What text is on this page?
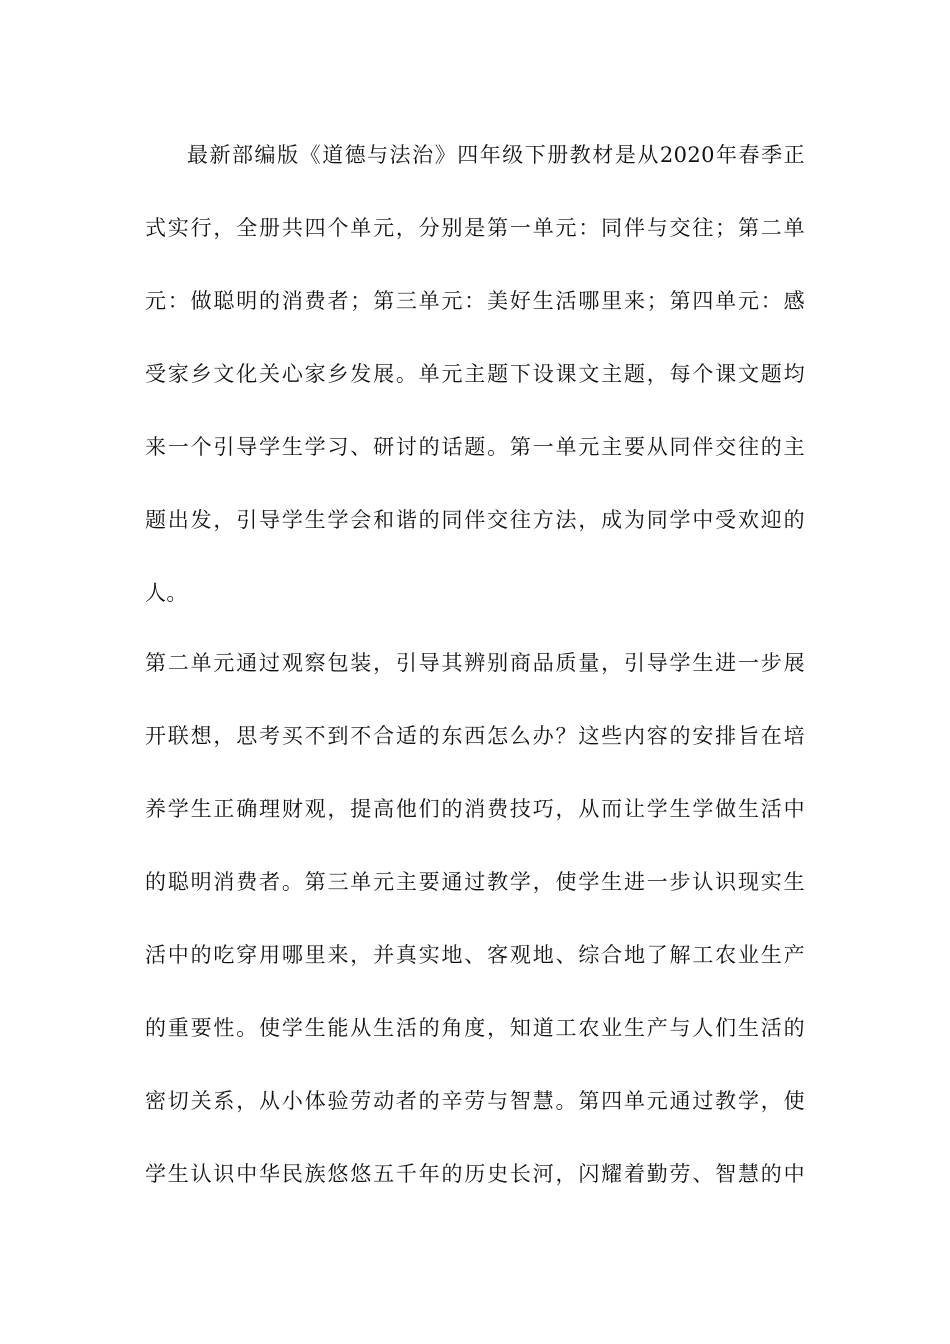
最新部编版《道德与法治》四年级下册教材是从2020年春季正
式实行，全册共四个单元，分别是第一单元：同伴与交往；第二单
元：做聪明的消费者；第三单元：美好生活哪里来；第四单元：感
受家乡文化关心家乡发展。单元主题下设课文主题，每个课文题均
来一个引导学生学习、研讨的话题。第一单元主要从同伴交往的主
题出发，引导学生学会和谐的同伴交往方法，成为同学中受欢迎的
人。
第二单元通过观察包装，引导其辨别商品质量，引导学生进一步展
开联想，思考买不到不合适的东西怎么办？这些内容的安排旨在培
养学生正确理财观，提高他们的消费技巧，从而让学生学做生活中
的聪明消费者。第三单元主要通过教学，使学生进一步认识现实生
活中的吃穿用哪里来，并真实地、客观地、综合地了解工农业生产
的重要性。使学生能从生活的角度，知道工农业生产与人们生活的
密切关系，从小体验劳动者的辛劳与智慧。第四单元通过教学，使
学生认识中华民族悠悠五千年的历史长河，闪耀着勤劳、智慧的中
